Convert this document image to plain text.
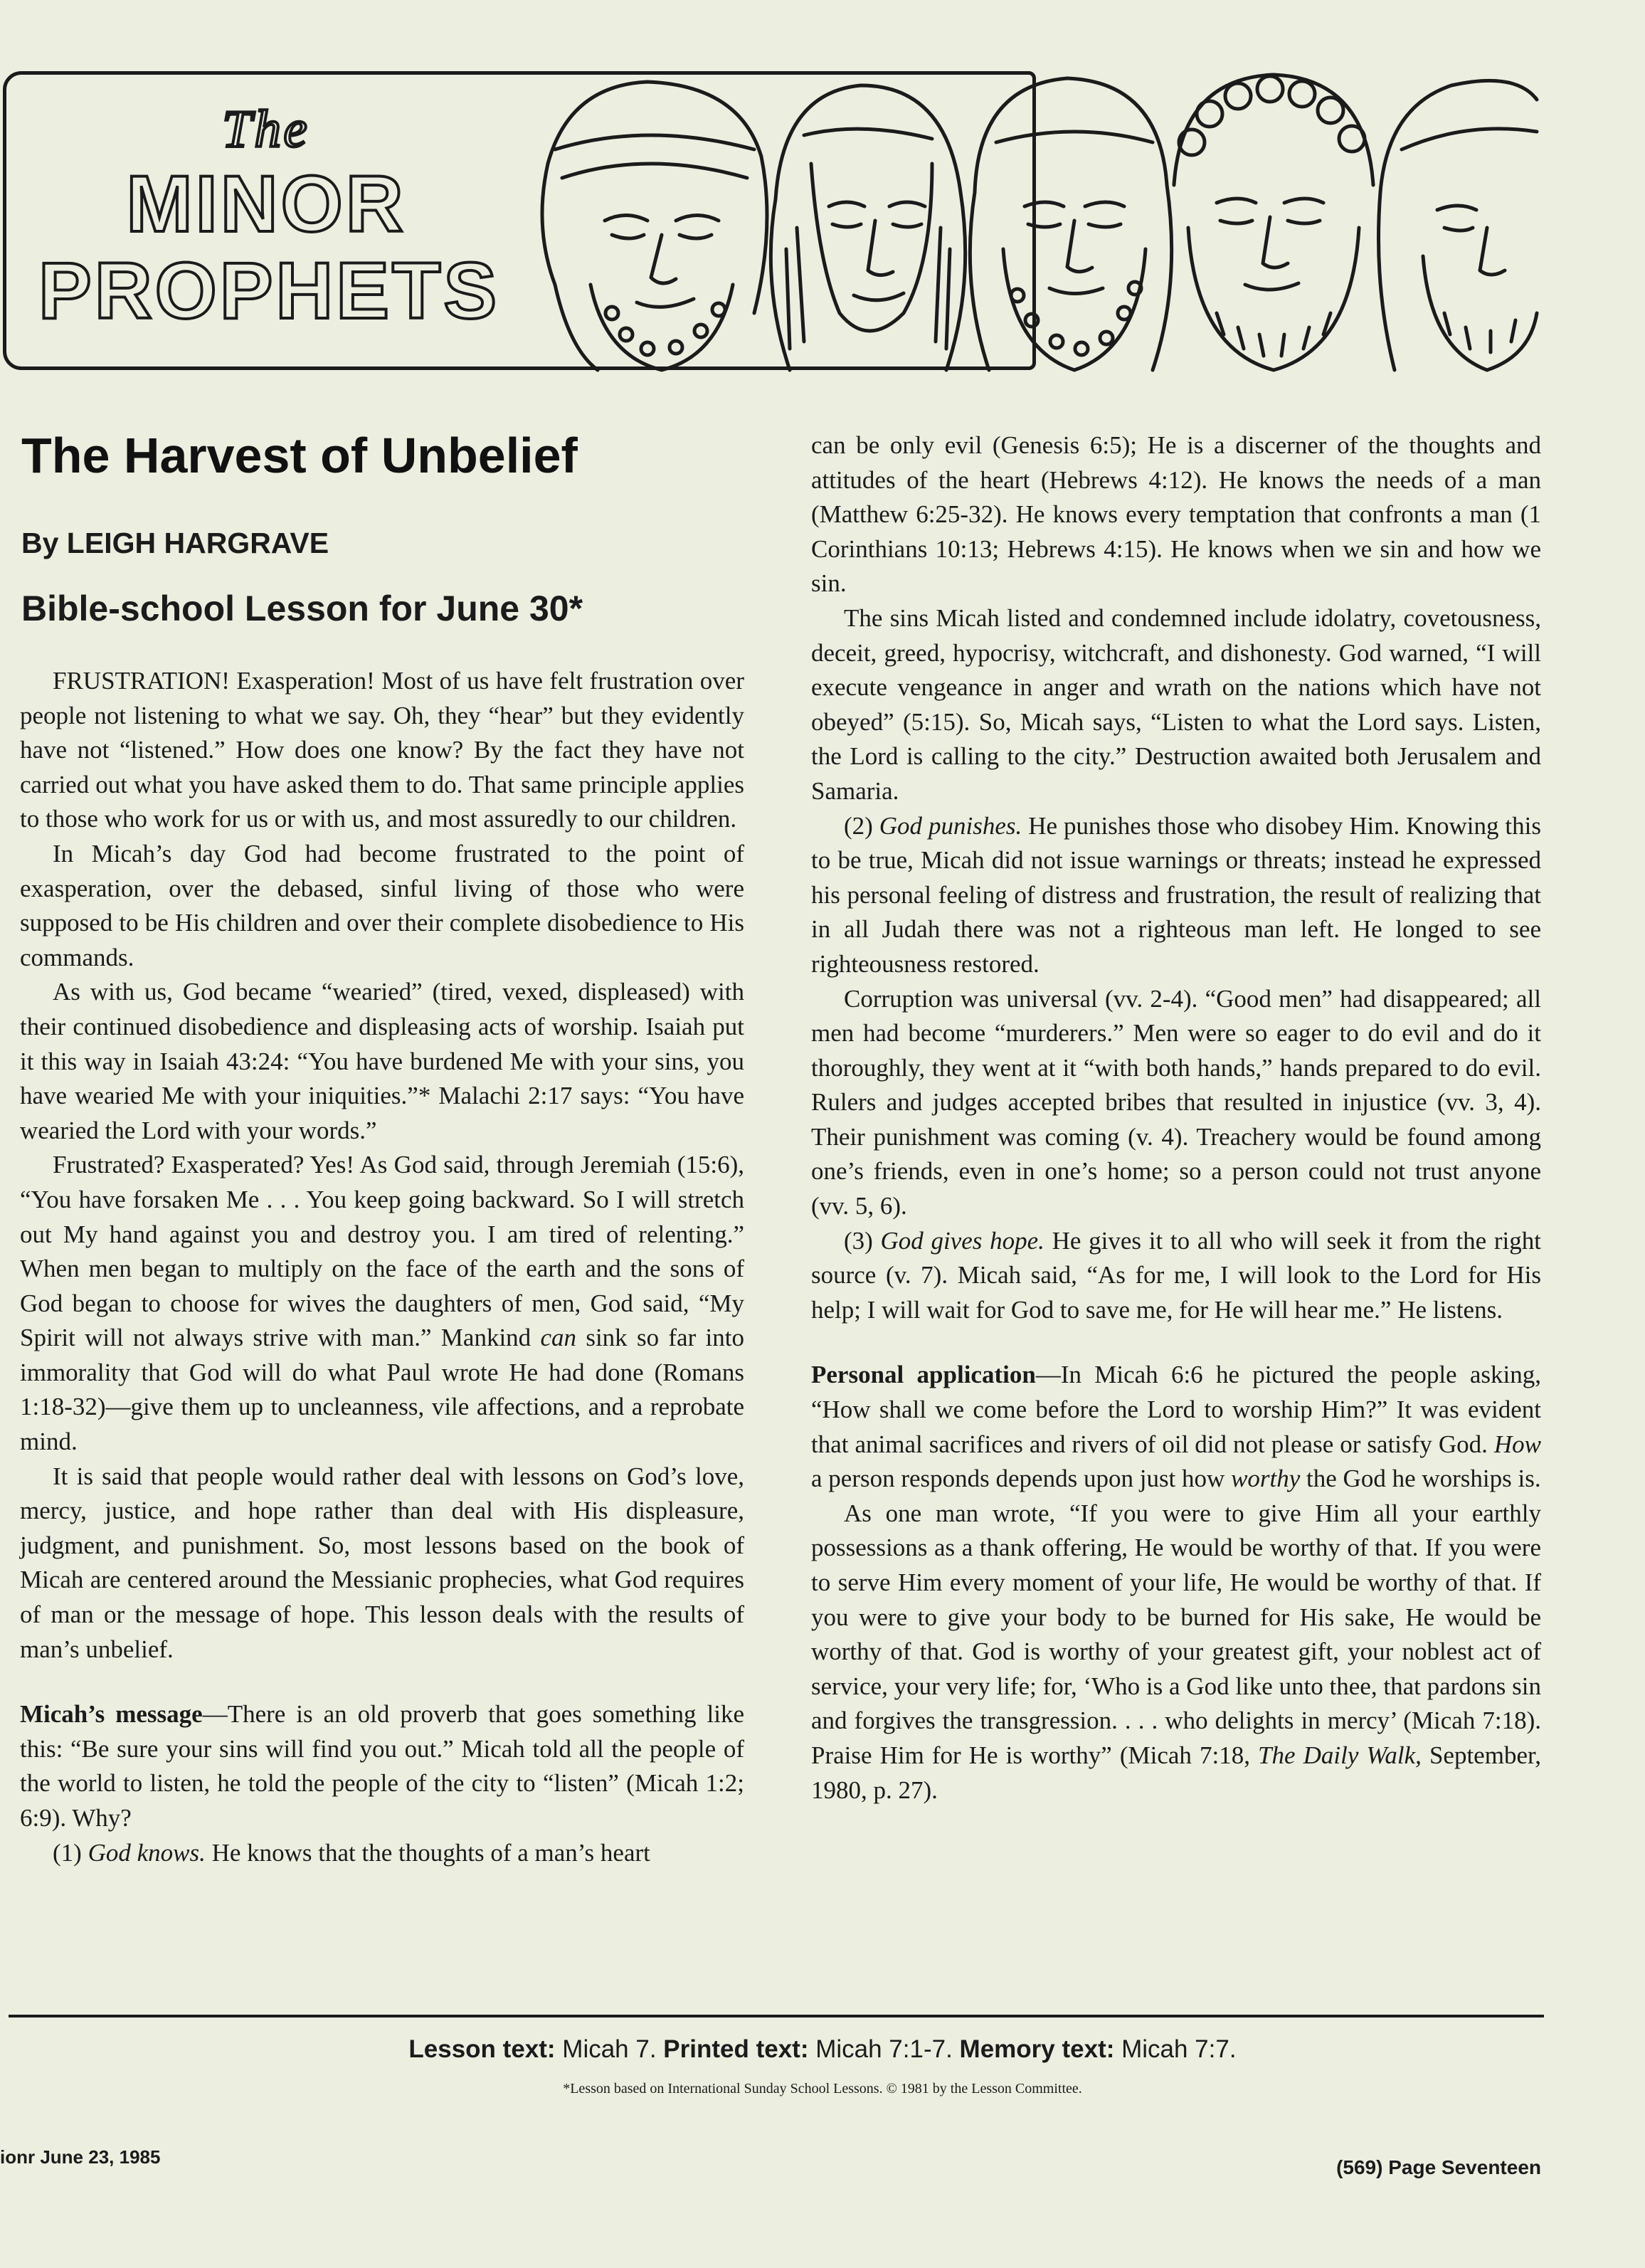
The
MINOR
PROPHETS
The Harvest of Unbelief
By LEIGH HARGRAVE
Bible-school Lesson for June 30*

FRUSTRATION! Exasperation! Most of us have felt frustration over people not listening to what we say. Oh, they “hear” but they evidently have not “listened.” How does one know? By the fact they have not carried out what you have asked them to do. That same principle applies to those who work for us or with us, and most assuredly to our children.

In Micah’s day God had become frustrated to the point of exasperation, over the debased, sinful living of those who were supposed to be His children and over their complete disobedience to His commands.

As with us, God became “wearied” (tired, vexed, displeased) with their continued disobedience and displeasing acts of worship. Isaiah put it this way in Isaiah 43:24: “You have burdened Me with your sins, you have wearied Me with your iniquities.”* Malachi 2:17 says: “You have wearied the Lord with your words.”

Frustrated? Exasperated? Yes! As God said, through Jeremiah (15:6), “You have forsaken Me . . . You keep going backward. So I will stretch out My hand against you and destroy you. I am tired of relenting.” When men began to multiply on the face of the earth and the sons of God began to choose for wives the daughters of men, God said, “My Spirit will not always strive with man.” Mankind can sink so far into immorality that God will do what Paul wrote He had done (Romans 1:18-32)—give them up to uncleanness, vile affections, and a reprobate mind.

It is said that people would rather deal with lessons on God’s love, mercy, justice, and hope rather than deal with His displeasure, judgment, and punishment. So, most lessons based on the book of Micah are centered around the Messianic prophecies, what God requires of man or the message of hope. This lesson deals with the results of man’s unbelief.

Micah’s message—There is an old proverb that goes something like this: “Be sure your sins will find you out.” Micah told all the people of the world to listen, he told the people of the city to “listen” (Micah 1:2; 6:9). Why?

(1) God knows. He knows that the thoughts of a man’s heart

can be only evil (Genesis 6:5); He is a discerner of the thoughts and attitudes of the heart (Hebrews 4:12). He knows the needs of a man (Matthew 6:25-32). He knows every temptation that confronts a man (1 Corinthians 10:13; Hebrews 4:15). He knows when we sin and how we sin.

The sins Micah listed and condemned include idolatry, covetousness, deceit, greed, hypocrisy, witchcraft, and dishonesty. God warned, “I will execute vengeance in anger and wrath on the nations which have not obeyed” (5:15). So, Micah says, “Listen to what the Lord says. Listen, the Lord is calling to the city.” Destruction awaited both Jerusalem and Samaria.

(2) God punishes. He punishes those who disobey Him. Knowing this to be true, Micah did not issue warnings or threats; instead he expressed his personal feeling of distress and frustration, the result of realizing that in all Judah there was not a righteous man left. He longed to see righteousness restored.

Corruption was universal (vv. 2-4). “Good men” had disappeared; all men had become “murderers.” Men were so eager to do evil and do it thoroughly, they went at it “with both hands,” hands prepared to do evil. Rulers and judges accepted bribes that resulted in injustice (vv. 3, 4). Their punishment was coming (v. 4). Treachery would be found among one’s friends, even in one’s home; so a person could not trust anyone (vv. 5, 6).

(3) God gives hope. He gives it to all who will seek it from the right source (v. 7). Micah said, “As for me, I will look to the Lord for His help; I will wait for God to save me, for He will hear me.” He listens.

Personal application—In Micah 6:6 he pictured the people asking, “How shall we come before the Lord to worship Him?” It was evident that animal sacrifices and rivers of oil did not please or satisfy God. How a person responds depends upon just how worthy the God he worships is.

As one man wrote, “If you were to give Him all your earthly possessions as a thank offering, He would be worthy of that. If you were to serve Him every moment of your life, He would be worthy of that. If you were to give your body to be burned for His sake, He would be worthy of that. God is worthy of your greatest gift, your noblest act of service, your very life; for, ‘Who is a God like unto thee, that pardons sin and forgives the transgression. . . . who delights in mercy’ (Micah 7:18). Praise Him for He is worthy” (Micah 7:18, The Daily Walk, September, 1980, p. 27).

Lesson text: Micah 7. Printed text: Micah 7:1-7. Memory text: Micah 7:7.
*Lesson based on International Sunday School Lessons. © 1981 by the Lesson Committee.
ionr June 23, 1985	(569) Page Seventeen
